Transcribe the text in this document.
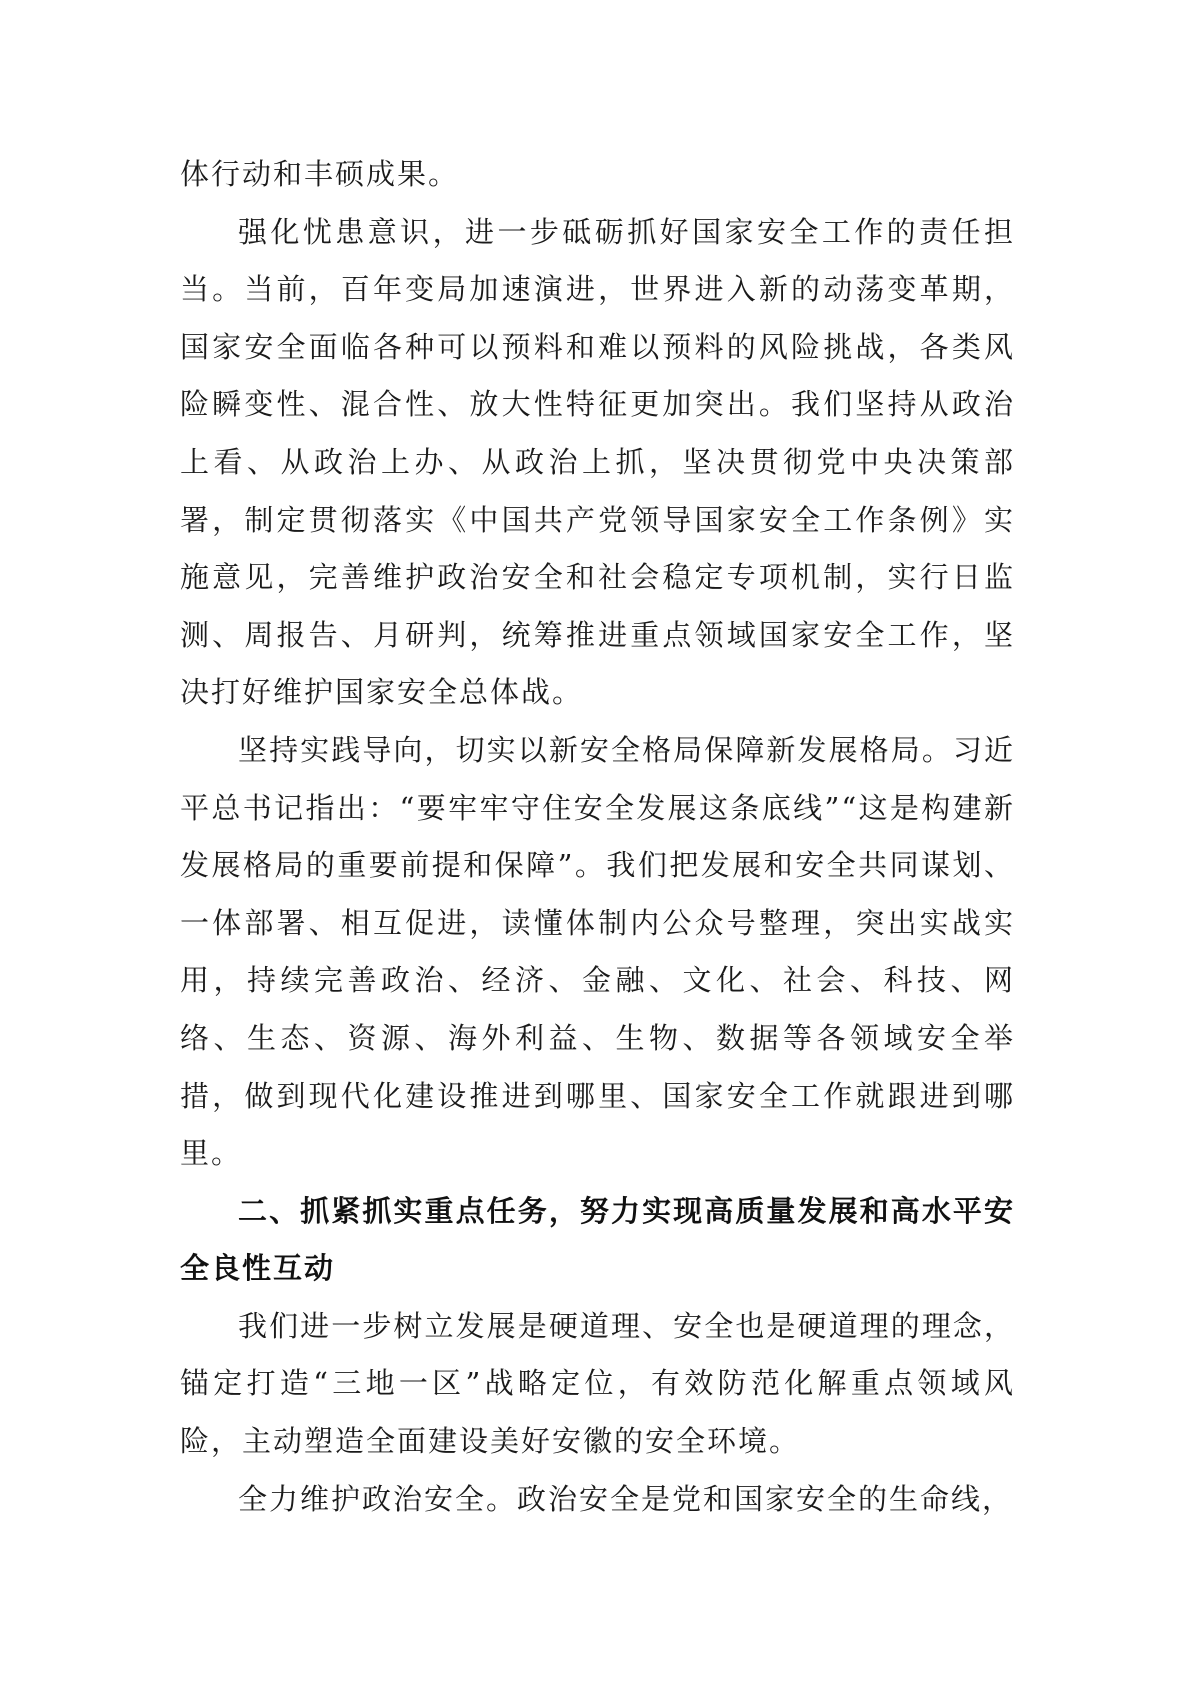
体行动和丰硕成果。

强化忧患意识，进一步砥砺抓好国家安全工作的责任担当。当前，百年变局加速演进，世界进入新的动荡变革期，国家安全面临各种可以预料和难以预料的风险挑战，各类风险瞬变性、混合性、放大性特征更加突出。我们坚持从政治上看、从政治上办、从政治上抓，坚决贯彻党中央决策部署，制定贯彻落实《中国共产党领导国家安全工作条例》实施意见，完善维护政治安全和社会稳定专项机制，实行日监测、周报告、月研判，统筹推进重点领域国家安全工作，坚决打好维护国家安全总体战。

坚持实践导向，切实以新安全格局保障新发展格局。习近平总书记指出：“要牢牢守住安全发展这条底线”“这是构建新发展格局的重要前提和保障”。我们把发展和安全共同谋划、一体部署、相互促进，读懂体制内公众号整理，突出实战实用，持续完善政治、经济、金融、文化、社会、科技、网络、生态、资源、海外利益、生物、数据等各领域安全举措，做到现代化建设推进到哪里、国家安全工作就跟进到哪里。

二、抓紧抓实重点任务，努力实现高质量发展和高水平安全良性互动

我们进一步树立发展是硬道理、安全也是硬道理的理念，锚定打造“三地一区”战略定位，有效防范化解重点领域风险，主动塑造全面建设美好安徽的安全环境。

全力维护政治安全。政治安全是党和国家安全的生命线，
